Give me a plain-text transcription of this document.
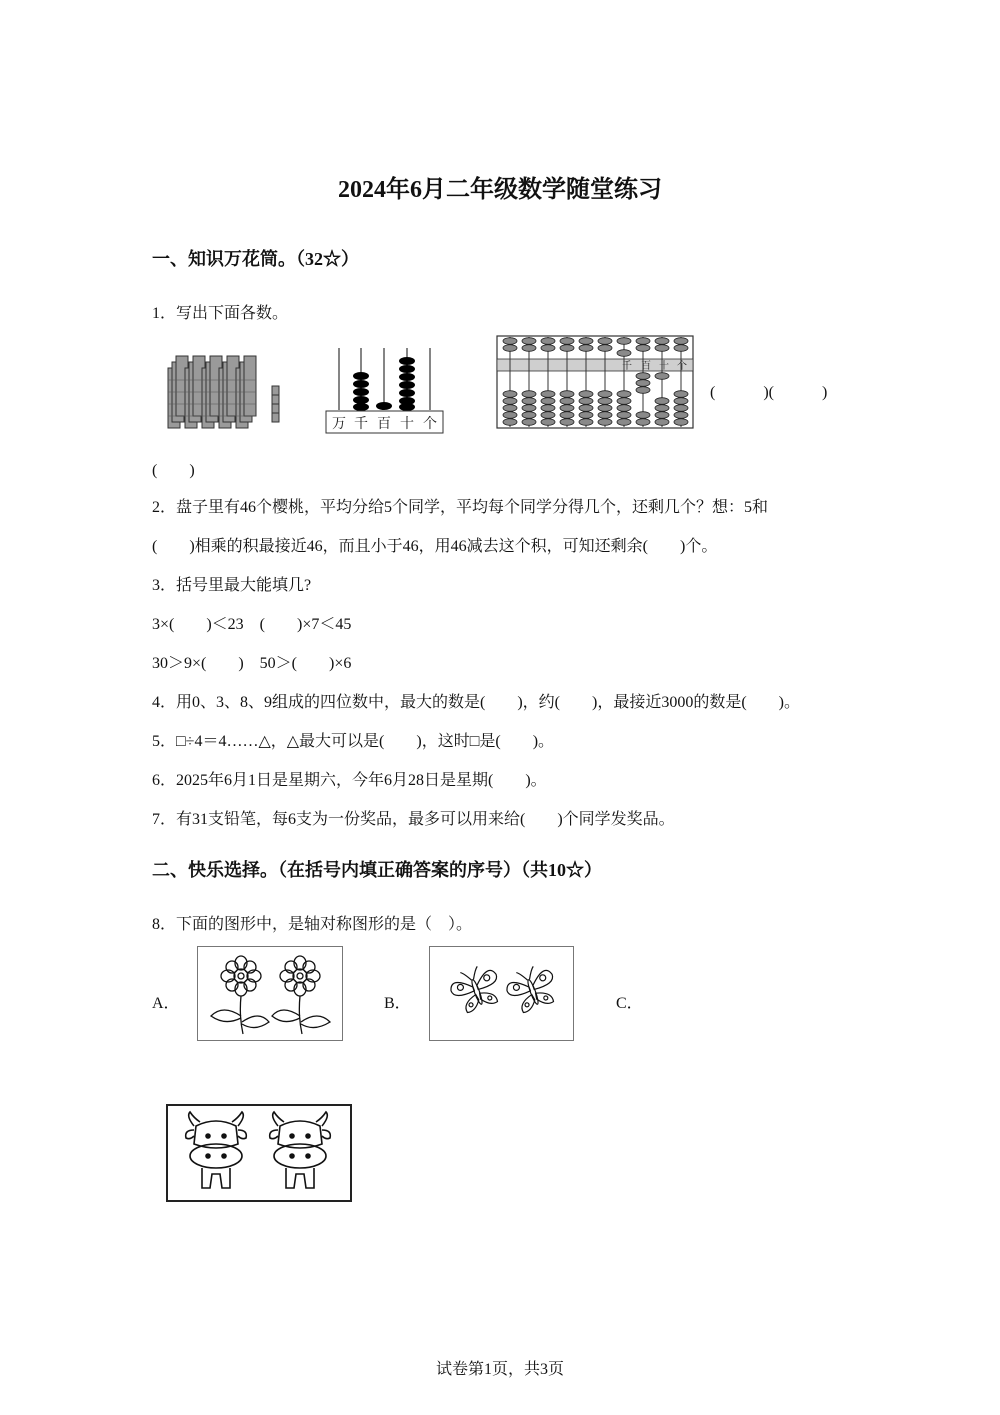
2024年6月二年级数学随堂练习
一、知识万花筒。（32☆）
1．写出下面各数。
万 千 百 十 个
千 百 十 个
(　　　)(　　　)
(　　)
2．盘子里有46个樱桃，平均分给5个同学，平均每个同学分得几个，还剩几个？想：5和
(　　)相乘的积最接近46，而且小于46，用46减去这个积，可知还剩余(　　)个。
3．括号里最大能填几?
3×(　　)＜23　(　　)×7＜45
30＞9×(　　)　50＞(　　)×6
4．用0、3、8、9组成的四位数中，最大的数是(　　)，约(　　)，最接近3000的数是(　　)。
5．□÷4＝4……△，△最大可以是(　　)，这时□是(　　)。
6．2025年6月1日是星期六，今年6月28日是星期(　　)。
7．有31支铅笔，每6支为一份奖品，最多可以用来给(　　)个同学发奖品。
二、快乐选择。（在括号内填正确答案的序号）（共10☆）
8．下面的图形中，是轴对称图形的是（　）。
A．	B．	C．
试卷第1页，共3页
